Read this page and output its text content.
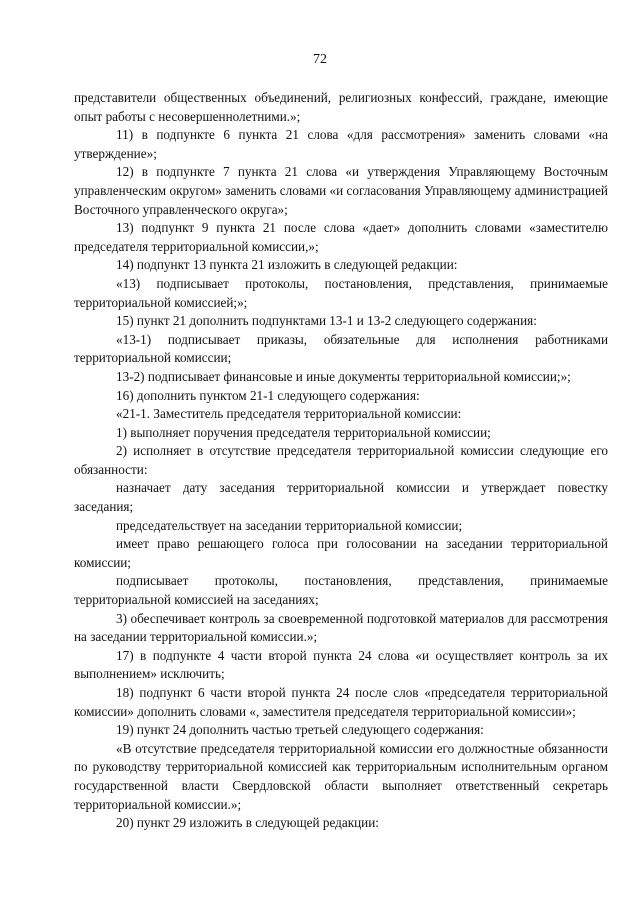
72

представители общественных объединений, религиозных конфессий, граждане, имеющие опыт работы с несовершеннолетними.»;

11) в подпункте 6 пункта 21 слова «для рассмотрения» заменить словами «на утверждение»;

12) в подпункте 7 пункта 21 слова «и утверждения Управляющему Восточным управленческим округом» заменить словами «и согласования Управляющему администрацией Восточного управленческого округа»;

13) подпункт 9 пункта 21 после слова «дает» дополнить словами «заместителю председателя территориальной комиссии,»;

14) подпункт 13 пункта 21 изложить в следующей редакции:

«13) подписывает протоколы, постановления, представления, принимаемые территориальной комиссией;»;

15) пункт 21 дополнить подпунктами 13-1 и 13-2 следующего содержания:

«13-1) подписывает приказы, обязательные для исполнения работниками территориальной комиссии;

13-2) подписывает финансовые и иные документы территориальной комиссии;»;

16) дополнить пунктом 21-1 следующего содержания:

«21-1. Заместитель председателя территориальной комиссии:

1) выполняет поручения председателя территориальной комиссии;

2) исполняет в отсутствие председателя территориальной комиссии следующие его обязанности:

назначает дату заседания территориальной комиссии и утверждает повестку заседания;

председательствует на заседании территориальной комиссии;

имеет право решающего голоса при голосовании на заседании территориальной комиссии;

подписывает протоколы, постановления, представления, принимаемые территориальной комиссией на заседаниях;

3) обеспечивает контроль за своевременной подготовкой материалов для рассмотрения на заседании территориальной комиссии.»;

17) в подпункте 4 части второй пункта 24 слова «и осуществляет контроль за их выполнением» исключить;

18) подпункт 6 части второй пункта 24 после слов «председателя территориальной комиссии» дополнить словами «, заместителя председателя территориальной комиссии»;

19) пункт 24 дополнить частью третьей следующего содержания:

«В отсутствие председателя территориальной комиссии его должностные обязанности по руководству территориальной комиссией как территориальным исполнительным органом государственной власти Свердловской области выполняет ответственный секретарь территориальной комиссии.»;

20) пункт 29 изложить в следующей редакции:
